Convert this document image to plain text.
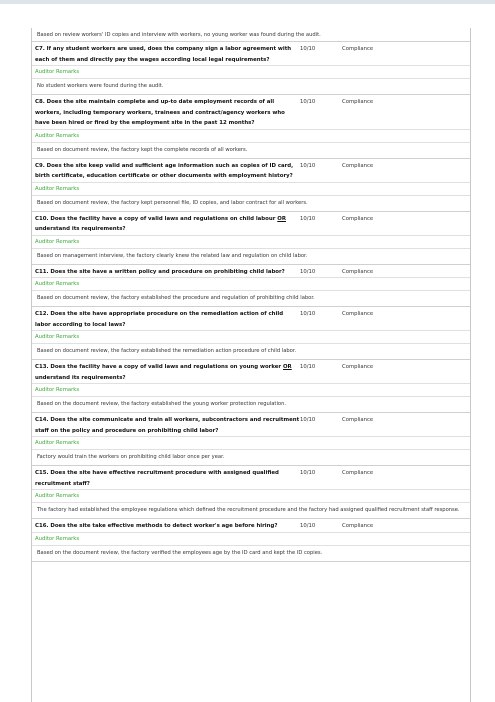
Based on review workers' ID copies and interview with workers, no young worker was found during the audit.
C7. If any student workers are used, does the company sign a labor agreement with each of them and directly pay the wages according local legal requirements?
10/10	Compliance
Auditor Remarks
No student workers were found during the audit.
C8. Does the site maintain complete and up-to date employment records of all workers, including temporary workers, trainees and contract/agency workers who have been hired or fired by the employment site in the past 12 months?
10/10	Compliance
Auditor Remarks
Based on document review, the factory kept the complete records of all workers.
C9. Does the site keep valid and sufficient age information such as copies of ID card, birth certificate, education certificate or other documents with employment history?
10/10	Compliance
Auditor Remarks
Based on document review, the factory kept personnel file, ID copies, and labor contract for all workers.
C10. Does the facility have a copy of valid laws and regulations on child labour OR understand its requirements?
10/10	Compliance
Auditor Remarks
Based on management interview, the factory clearly knew the related law and regulation on child labor.
C11. Does the site have a written policy and procedure on prohibiting child labor?	10/10	Compliance
Auditor Remarks
Based on document review, the factory established the procedure and regulation of prohibiting child labor.
C12. Does the site have appropriate procedure on the remediation action of child labor according to local laws?
10/10	Compliance
Auditor Remarks
Based on document review, the factory established the remediation action procedure of child labor.
C13. Does the facility have a copy of valid laws and regulations on young worker OR understand its requirements?
10/10	Compliance
Auditor Remarks
Based on the document review, the factory established the young worker protection regulation.
C14. Does the site communicate and train all workers, subcontractors and recruitment staff on the policy and procedure on prohibiting child labor?
10/10	Compliance
Auditor Remarks
Factory would train the workers on prohibiting child labor once per year.
C15. Does the site have effective recruitment procedure with assigned qualified recruitment staff?
10/10	Compliance
Auditor Remarks
The factory had established the employee regulations which defined the recruitment procedure and the factory had assigned qualified recruitment staff response.
C16. Does the site take effective methods to detect worker's age before hiring?	10/10	Compliance
Auditor Remarks
Based on the document review, the factory verified the employees age by the ID card and kept the ID copies.
